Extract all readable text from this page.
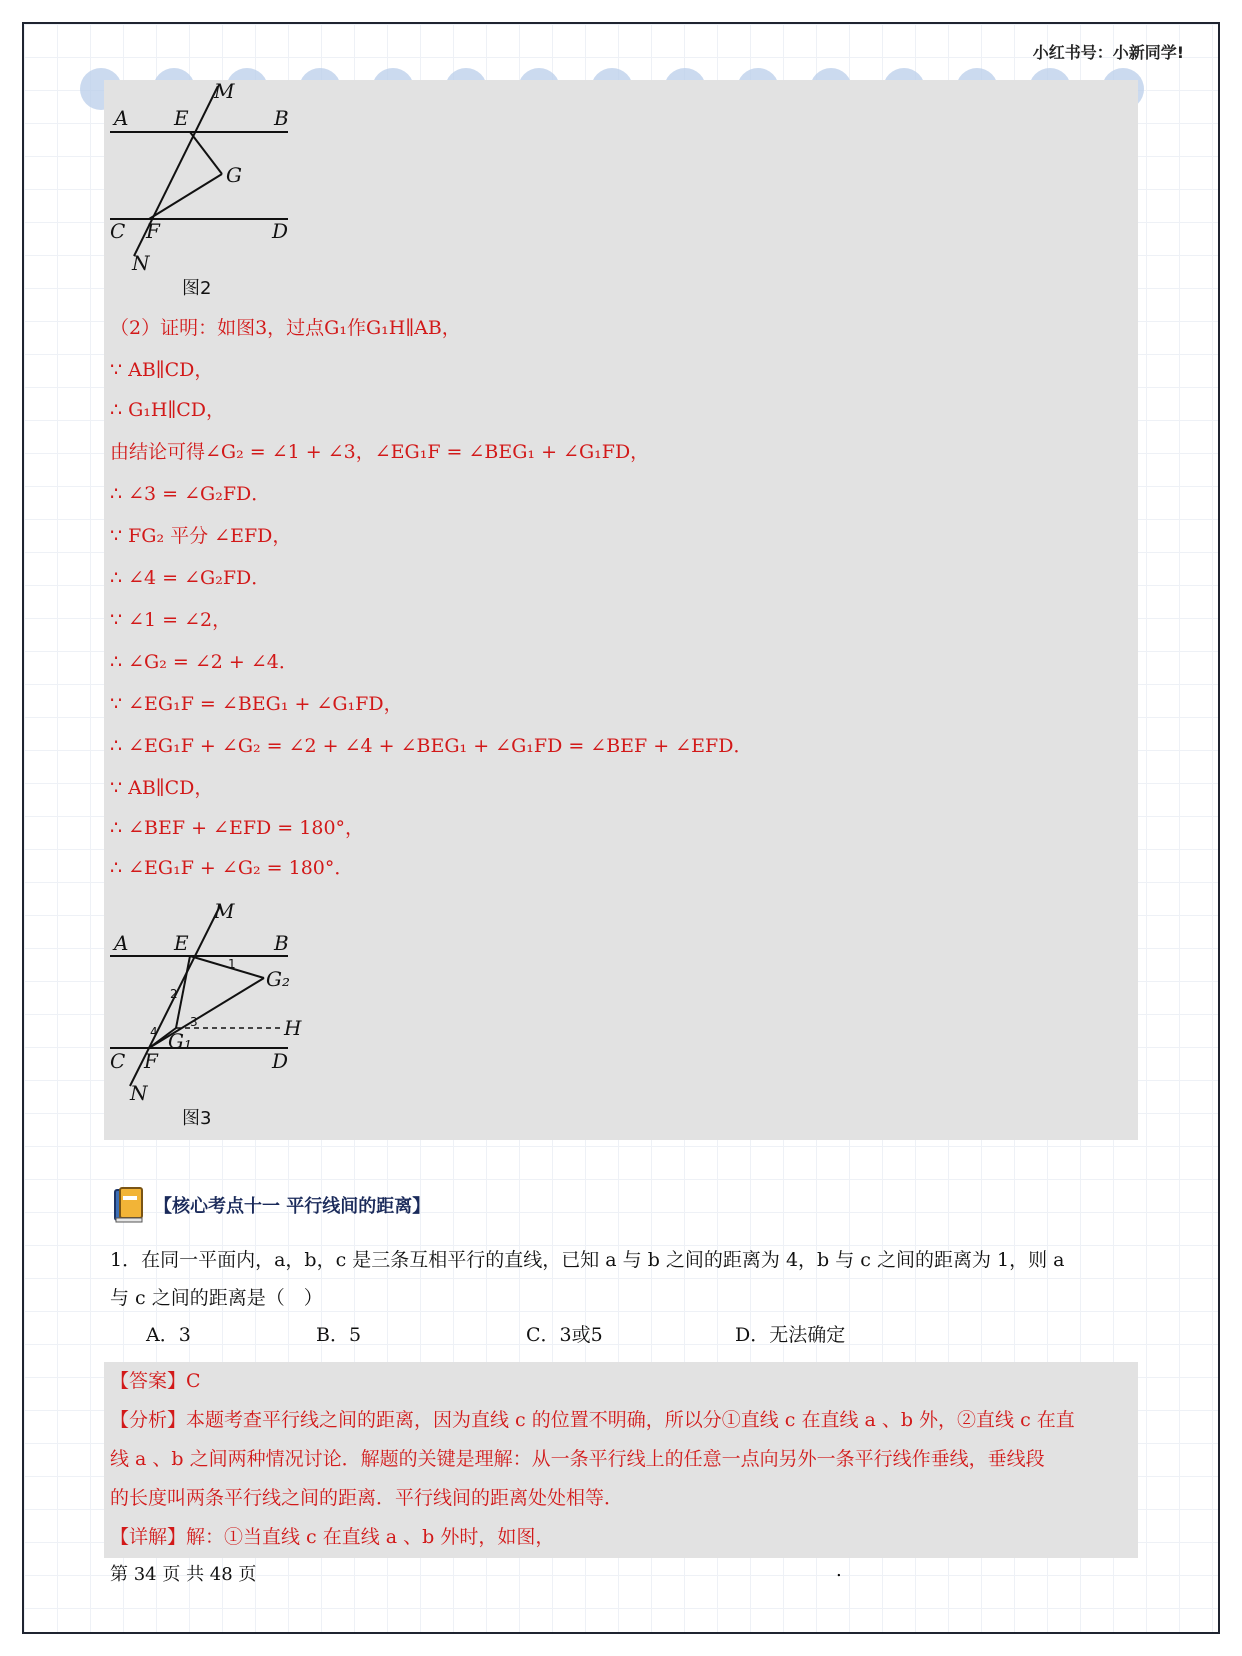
小红书号：小新同学!
M
A E	B
G
C F	D
N
图2
（2）证明：如图3，过点G₁作G₁H∥AB，
∵ AB∥CD，
∴ G₁H∥CD，
由结论可得∠G₂ = ∠1 + ∠3，∠EG₁F = ∠BEG₁ + ∠G₁FD，
∴ ∠3 = ∠G₂FD．
∵ FG₂ 平分 ∠EFD，
∴ ∠4 = ∠G₂FD．
∵ ∠1 = ∠2，
∴ ∠G₂ = ∠2 + ∠4．
∵ ∠EG₁F = ∠BEG₁ + ∠G₁FD，
∴ ∠EG₁F + ∠G₂ = ∠2 + ∠4 + ∠BEG₁ + ∠G₁FD = ∠BEF + ∠EFD．
∵ AB∥CD，
∴ ∠BEF + ∠EFD = 180°，
∴ ∠EG₁F + ∠G₂ = 180°．
M
A E	B
G₂
H
G₁
C F	D
N
1
2
3
4
图3
【核心考点十一 平行线间的距离】
1．在同一平面内，a，b，c 是三条互相平行的直线，已知 a 与 b 之间的距离为 4，b 与 c 之间的距离为 1，则 a
与 c 之间的距离是（　）
A．3	B．5	C．3或5	D．无法确定
【答案】C
【分析】本题考查平行线之间的距离，因为直线 c 的位置不明确，所以分①直线 c 在直线 a 、b 外，②直线 c 在直
线 a 、b 之间两种情况讨论．解题的关键是理解：从一条平行线上的任意一点向另外一条平行线作垂线，垂线段
的长度叫两条平行线之间的距离．平行线间的距离处处相等．
【详解】解：①当直线 c 在直线 a 、b 外时，如图，
第 34 页 共 48 页	.
